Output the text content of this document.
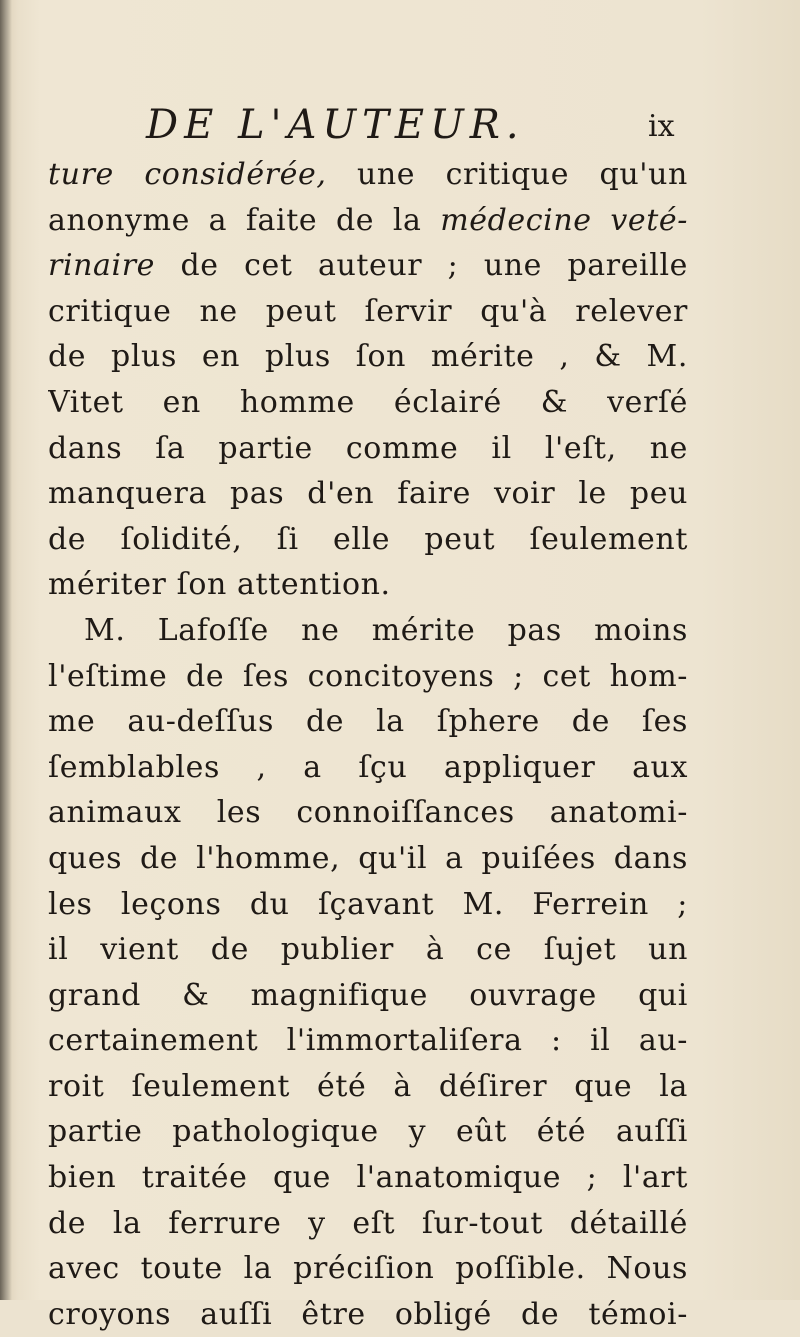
DE L'AUTEUR.	ix
ture considérée, une critique qu'un
anonyme a faite de la médecine veté-
rinaire de cet auteur ; une pareille
critique ne peut ſervir qu'à relever
de plus en plus ſon mérite , & M.
Vitet en homme éclairé & verſé
dans ſa partie comme il l'eſt, ne
manquera pas d'en faire voir le peu
de ſolidité, ſi elle peut ſeulement
mériter ſon attention.
M. Lafoſſe ne mérite pas moins
l'eſtime de ſes concitoyens ; cet hom-
me au-deſſus de la ſphere de ſes
ſemblables , a ſçu appliquer aux
animaux les connoiſſances anatomi-
ques de l'homme, qu'il a puiſées dans
les leçons du ſçavant M. Ferrein ;
il vient de publier à ce ſujet un
grand & magnifique ouvrage qui
certainement l'immortaliſera : il au-
roit ſeulement été à déſirer que la
partie pathologique y eût été auſſi
bien traitée que l'anatomique ; l'art
de la ferrure y eſt ſur-tout détaillé
avec toute la préciſion poſſible. Nous
croyons auſſi être obligé de témoi-
